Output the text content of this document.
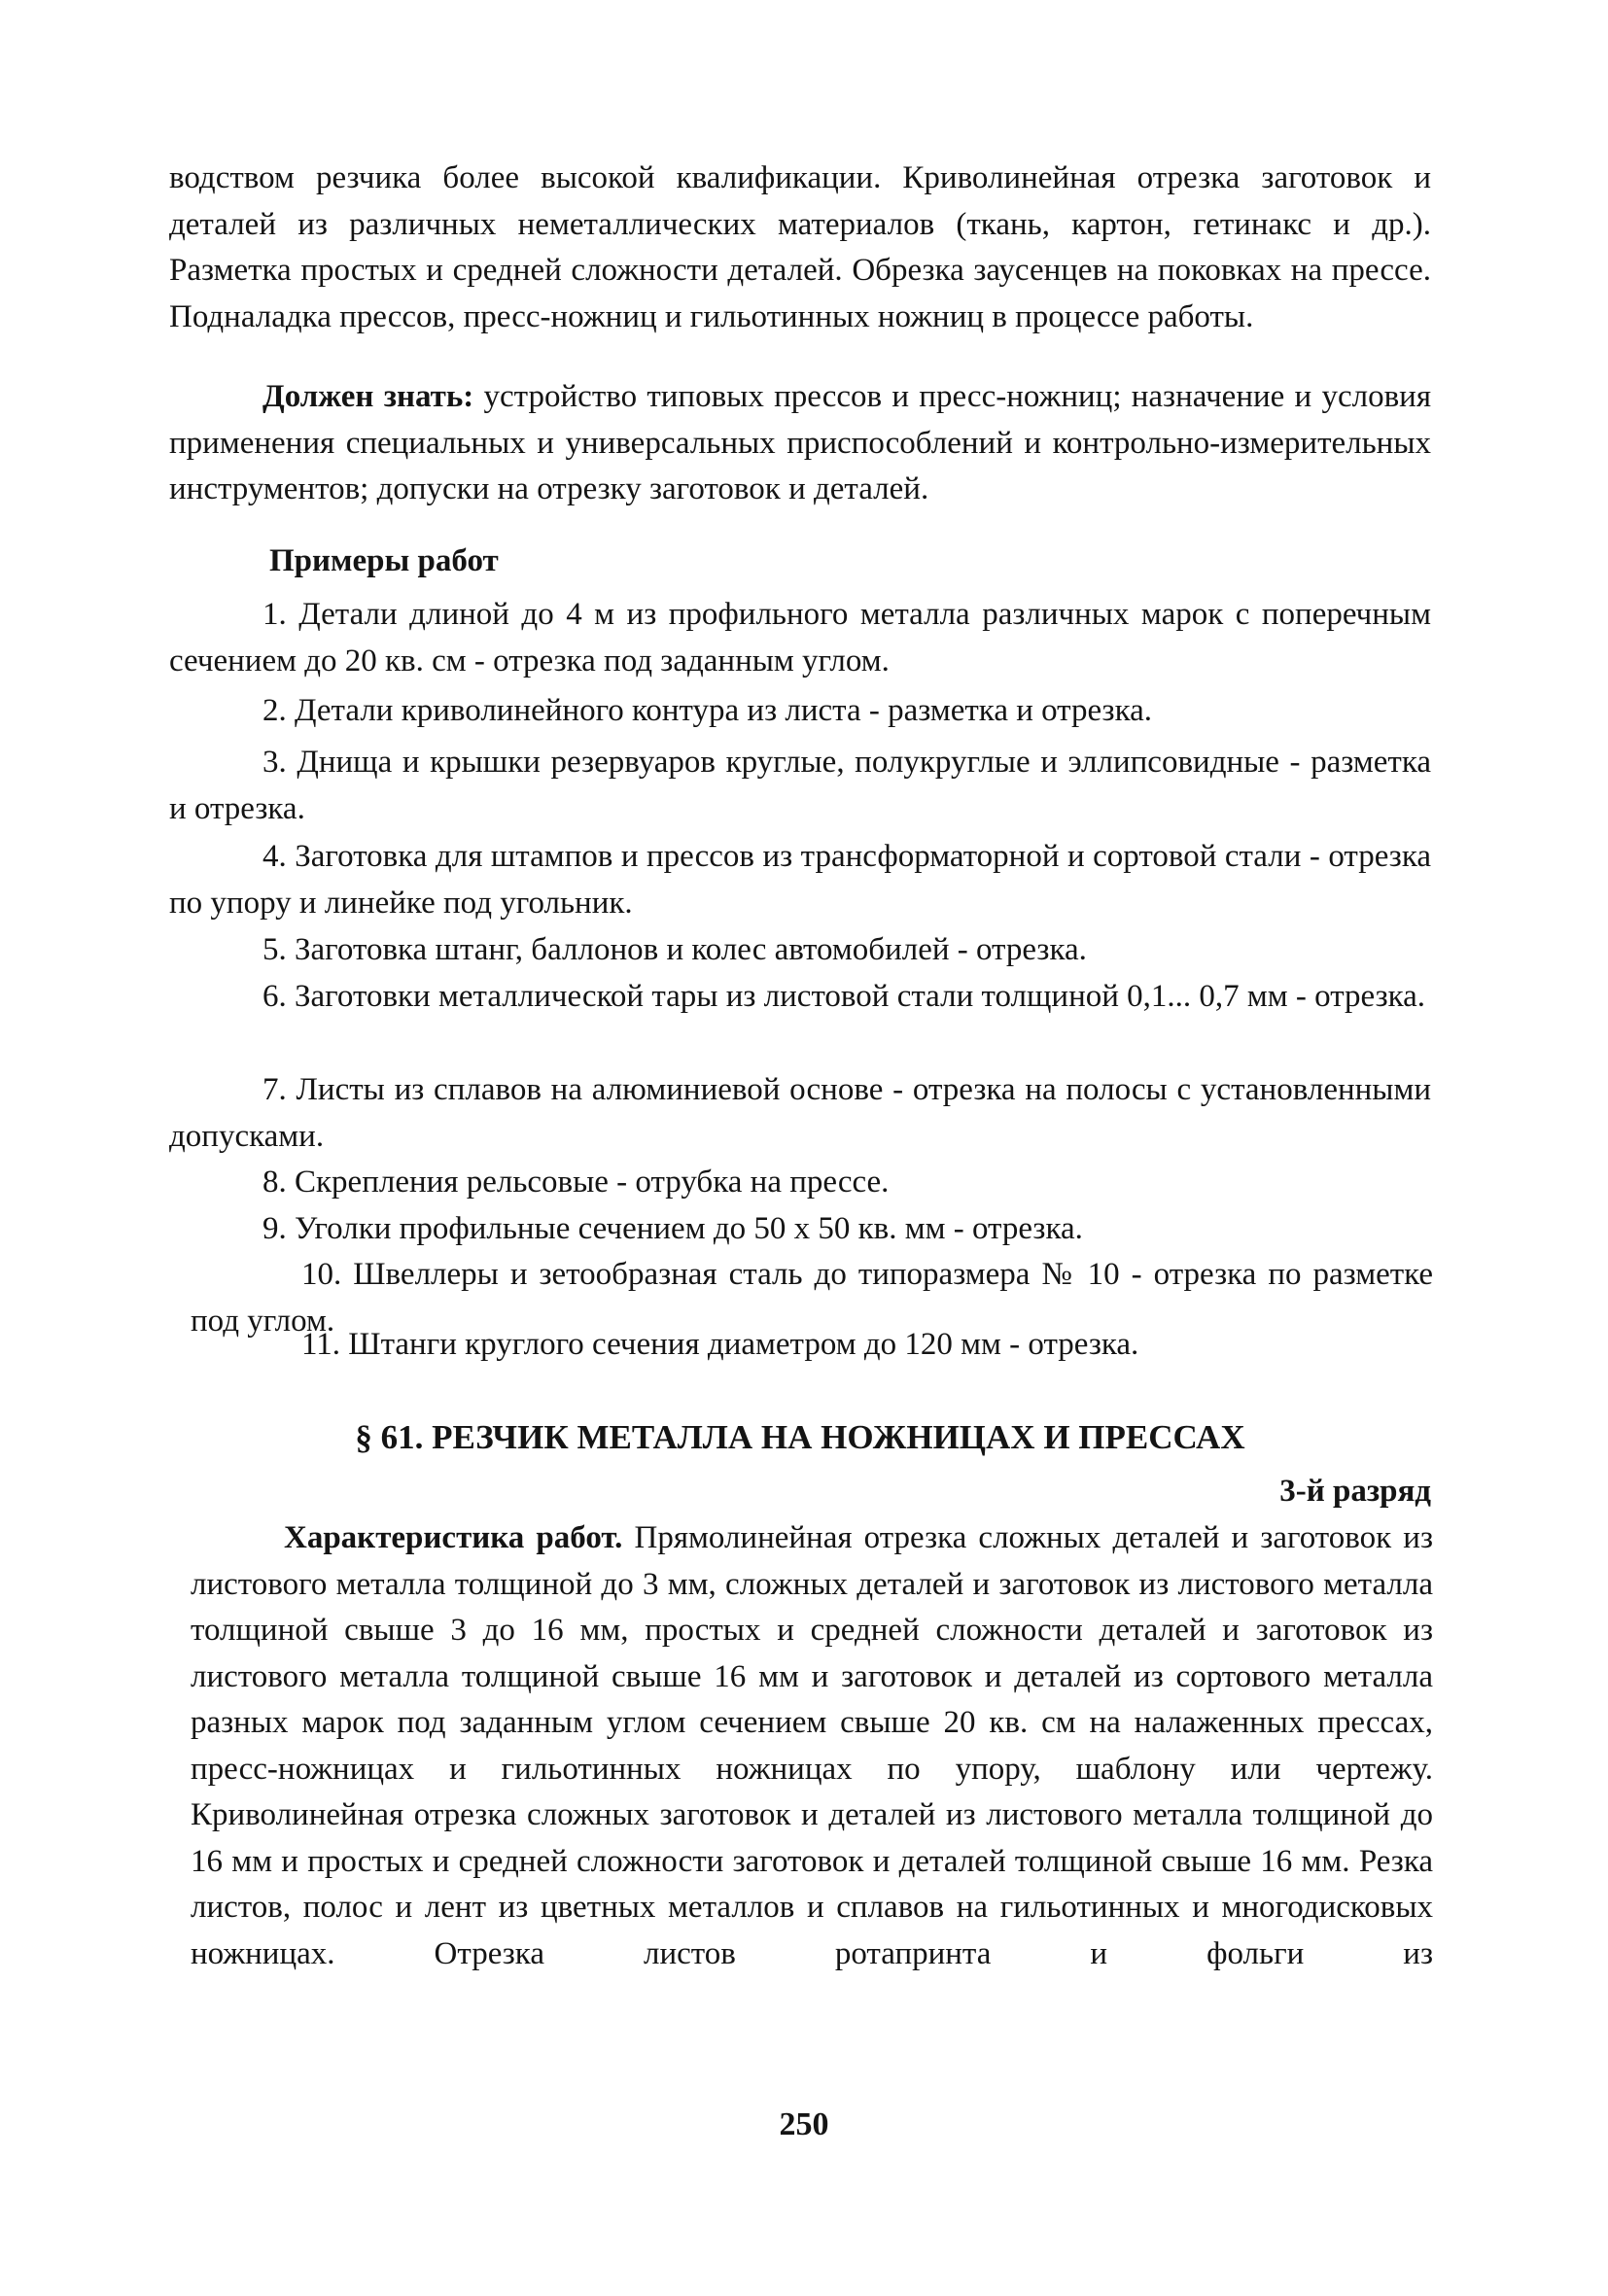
водством резчика более высокой квалификации. Криволинейная отрезка заготовок и деталей из различных неметаллических материалов (ткань, картон, гетинакс и др.). Разметка простых и средней сложности деталей. Обрезка заусенцев на поковках на прессе. Подналадка прессов, пресс-ножниц и гильотинных ножниц в процессе работы.

Должен знать: устройство типовых прессов и пресс-ножниц; назначение и условия применения специальных и универсальных приспособлений и контрольно-измерительных инструментов; допуски на отрезку заготовок и деталей.

Примеры работ

1. Детали длиной до 4 м из профильного металла различных марок с поперечным сечением до 20 кв. см - отрезка под заданным углом.

2. Детали криволинейного контура из листа - разметка и отрезка.

3. Днища и крышки резервуаров круглые, полукруглые и эллипсовидные - разметка и отрезка.

4. Заготовка для штампов и прессов из трансформаторной и сортовой стали - отрезка по упору и линейке под угольник.

5. Заготовка штанг, баллонов и колес автомобилей - отрезка.

6. Заготовки металлической тары из листовой стали толщиной 0,1... 0,7 мм - отрезка.

7. Листы из сплавов на алюминиевой основе - отрезка на полосы с установленными допусками.

8. Скрепления рельсовые - отрубка на прессе.

9. Уголки профильные сечением до 50 х 50 кв. мм - отрезка.

10. Швеллеры и зетообразная сталь до типоразмера № 10 - отрезка по разметке под углом.

11. Штанги круглого сечения диаметром до 120 мм - отрезка.

§ 61. РЕЗЧИК МЕТАЛЛА НА НОЖНИЦАХ И ПРЕССАХ

3-й разряд

Характеристика работ. Прямолинейная отрезка сложных деталей и заготовок из листового металла толщиной до 3 мм, сложных деталей и заготовок из листового металла толщиной свыше 3 до 16 мм, простых и средней сложности деталей и заготовок из листового металла толщиной свыше 16 мм и заготовок и деталей из сортового металла разных марок под заданным углом сечением свыше 20 кв. см на налаженных прессах, пресс-ножницах и гильотинных ножницах по упору, шаблону или чертежу. Криволинейная отрезка сложных заготовок и деталей из листового металла толщиной до 16 мм и простых и средней сложности заготовок и деталей толщиной свыше 16 мм. Резка листов, полос и лент из цветных металлов и сплавов на гильотинных и многодисковых ножницах. Отрезка листов ротапринта и фольги из

250
